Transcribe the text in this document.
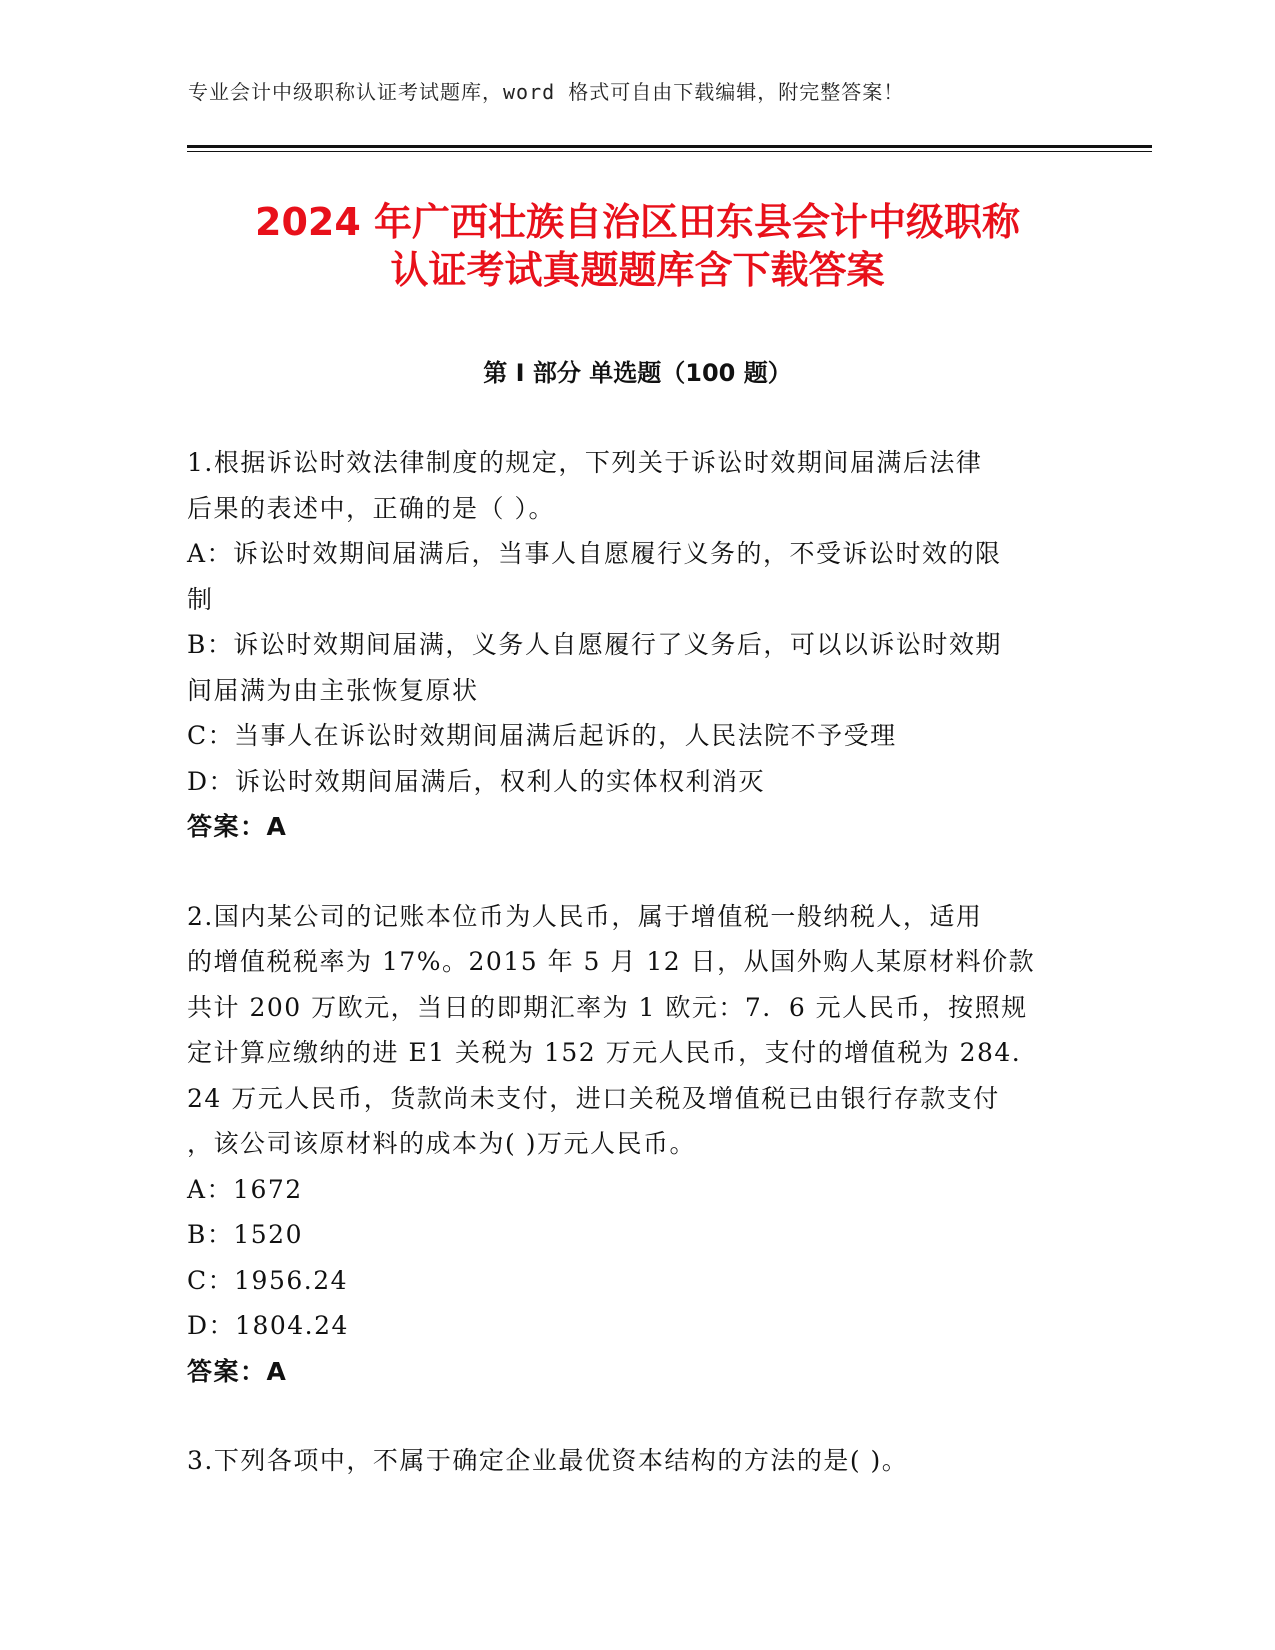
专业会计中级职称认证考试题库，word 格式可自由下载编辑，附完整答案！
2024 年广西壮族自治区田东县会计中级职称
认证考试真题题库含下载答案
第 I 部分 单选题（100 题）
1.根据诉讼时效法律制度的规定，下列关于诉讼时效期间届满后法律
后果的表述中，正确的是（ ）。
A：诉讼时效期间届满后，当事人自愿履行义务的，不受诉讼时效的限
制
B：诉讼时效期间届满，义务人自愿履行了义务后，可以以诉讼时效期
间届满为由主张恢复原状
C：当事人在诉讼时效期间届满后起诉的，人民法院不予受理
D：诉讼时效期间届满后，权利人的实体权利消灭
答案：A
2.国内某公司的记账本位币为人民币，属于增值税一般纳税人，适用
的增值税税率为 17%。2015 年 5 月 12 日，从国外购人某原材料价款
共计 200 万欧元，当日的即期汇率为 1 欧元：7．6 元人民币，按照规
定计算应缴纳的进 E1 关税为 152 万元人民币，支付的增值税为 284．
24 万元人民币，货款尚未支付，进口关税及增值税已由银行存款支付
，该公司该原材料的成本为( )万元人民币。
A：1672
B：1520
C：1956.24
D：1804.24
答案：A
3.下列各项中，不属于确定企业最优资本结构的方法的是( )。
